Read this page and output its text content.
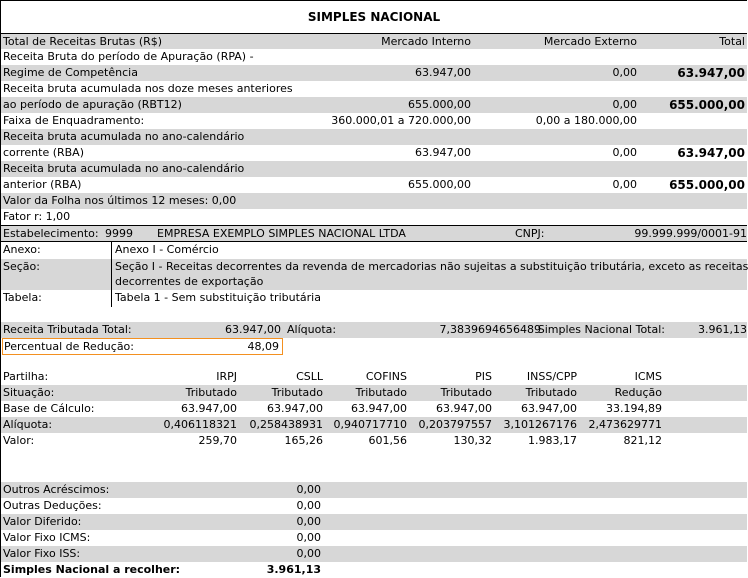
SIMPLES NACIONAL
Total de Receitas Brutas (R$)	Mercado Interno	Mercado Externo	Total
Receita Bruta do período de Apuração (RPA) -
Regime de Competência	63.947,00	0,00	63.947,00
Receita bruta acumulada nos doze meses anteriores
ao período de apuração (RBT12)	655.000,00	0,00	655.000,00
Faixa de Enquadramento:	360.000,01 a 720.000,00	0,00 a 180.000,00
Receita bruta acumulada no ano-calendário
corrente (RBA)	63.947,00	0,00	63.947,00
Receita bruta acumulada no ano-calendário
anterior (RBA)	655.000,00	0,00	655.000,00
Valor da Folha nos últimos 12 meses: 0,00
Fator r: 1,00
Estabelecimento: 9999 EMPRESA EXEMPLO SIMPLES NACIONAL LTDA	CNPJ:	99.999.999/0001-91
Anexo:	Anexo I - Comércio
Seção:	Seção I - Receitas decorrentes da revenda de mercadorias não sujeitas a substituição tributária, exceto as receitas
decorrentes de exportação
Tabela:	Tabela 1 - Sem substituição tributária
Receita Tributada Total:	63.947,00 Alíquota:	7,3839694656489
Simples Nacional Total:	3.961,13
Percentual de Redução:	48,09
Partilha:	IRPJ	CSLL	COFINS	PIS	INSS/CPP	ICMS
Situação:	Tributado	Tributado	Tributado	Tributado	Tributado	Redução
Base de Cálculo:	63.947,00	63.947,00	63.947,00	63.947,00	63.947,00	33.194,89
Alíquota:	0,406118321 0,258438931 0,940717710 0,203797557 3,101267176 2,473629771
Valor:	259,70	165,26	601,56	130,32	1.983,17	821,12
Outros Acréscimos:	0,00
Outras Deduções:	0,00
Valor Diferido:	0,00
Valor Fixo ICMS:	0,00
Valor Fixo ISS:	0,00
Simples Nacional a recolher:	3.961,13
